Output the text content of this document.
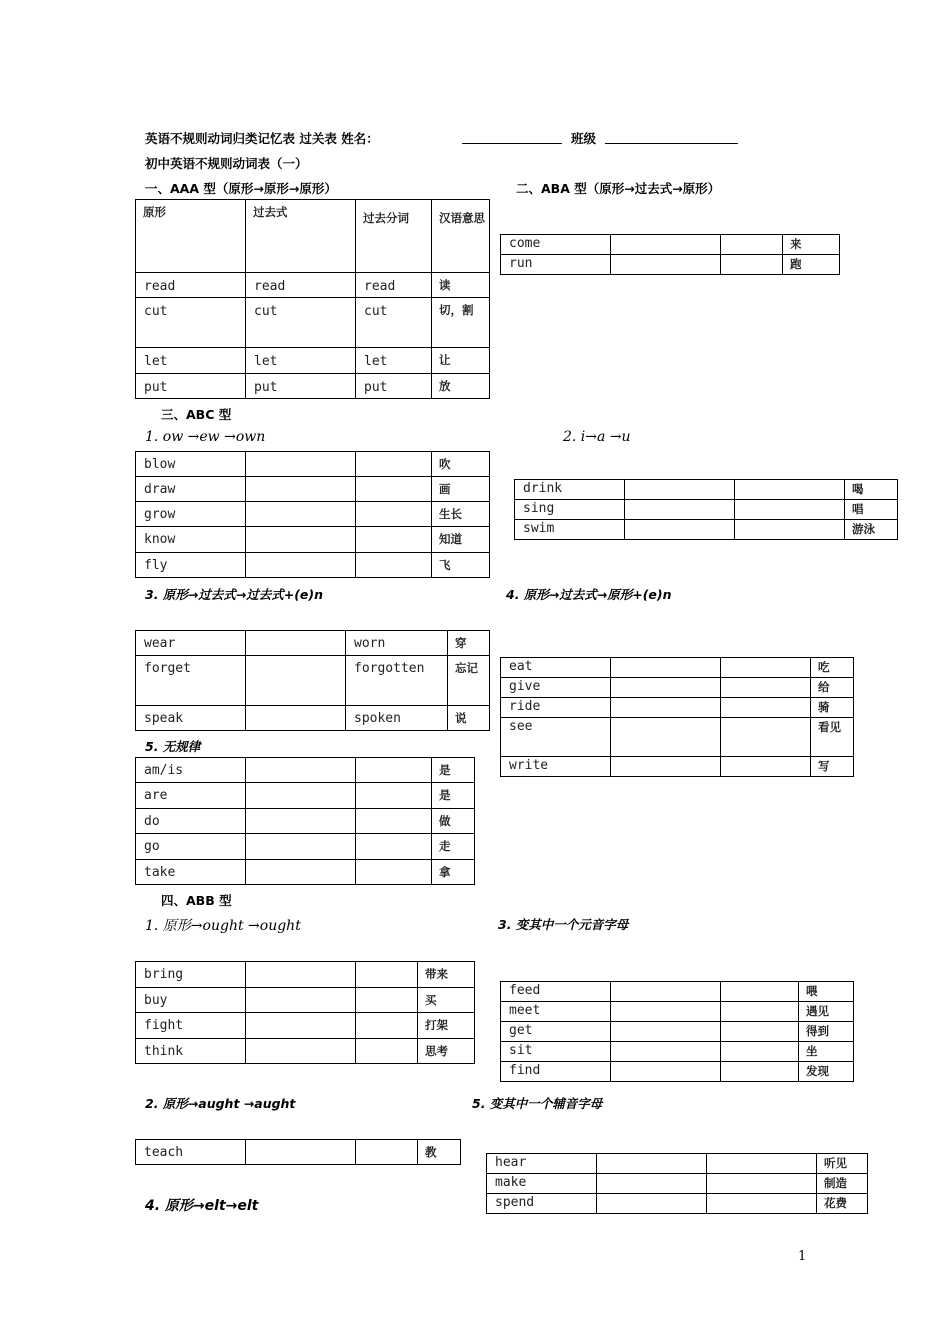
英语不规则动词归类记忆表 过关表 姓名：	班级
初中英语不规则动词表（一）
一、AAA 型（原形→原形→原形）
原形	过去式	过去分词	汉语意思
read	read	read	读
cut	cut	cut	切，割
let	let	let	让
put	put	put	放
二、ABA 型（原形→过去式→原形）
come			来
run			跑
三、ABC 型
1. ow →ew →own	2. i→a →u
blow			吹
draw			画
grow			生长
know			知道
fly			飞
drink			喝
sing			唱
swim			游泳
3. 原形→过去式→过去式+(e)n	4. 原形→过去式→原形+(e)n
wear		worn	穿
forget		forgotten	忘记
speak		spoken	说
eat			吃
give			给
ride			骑
see			看见
write			写
5. 无规律
am/is			是
are			是
do			做
go			走
take			拿
四、ABB 型
1. 原形→ought →ought	3. 变其中一个元音字母
bring			带来
buy			买
fight			打架
think			思考
feed			喂
meet			遇见
get			得到
sit			坐
find			发现
2. 原形→aught →aught	5. 变其中一个辅音字母
teach			教
hear			听见
make			制造
spend			花费
4. 原形→elt→elt
1
